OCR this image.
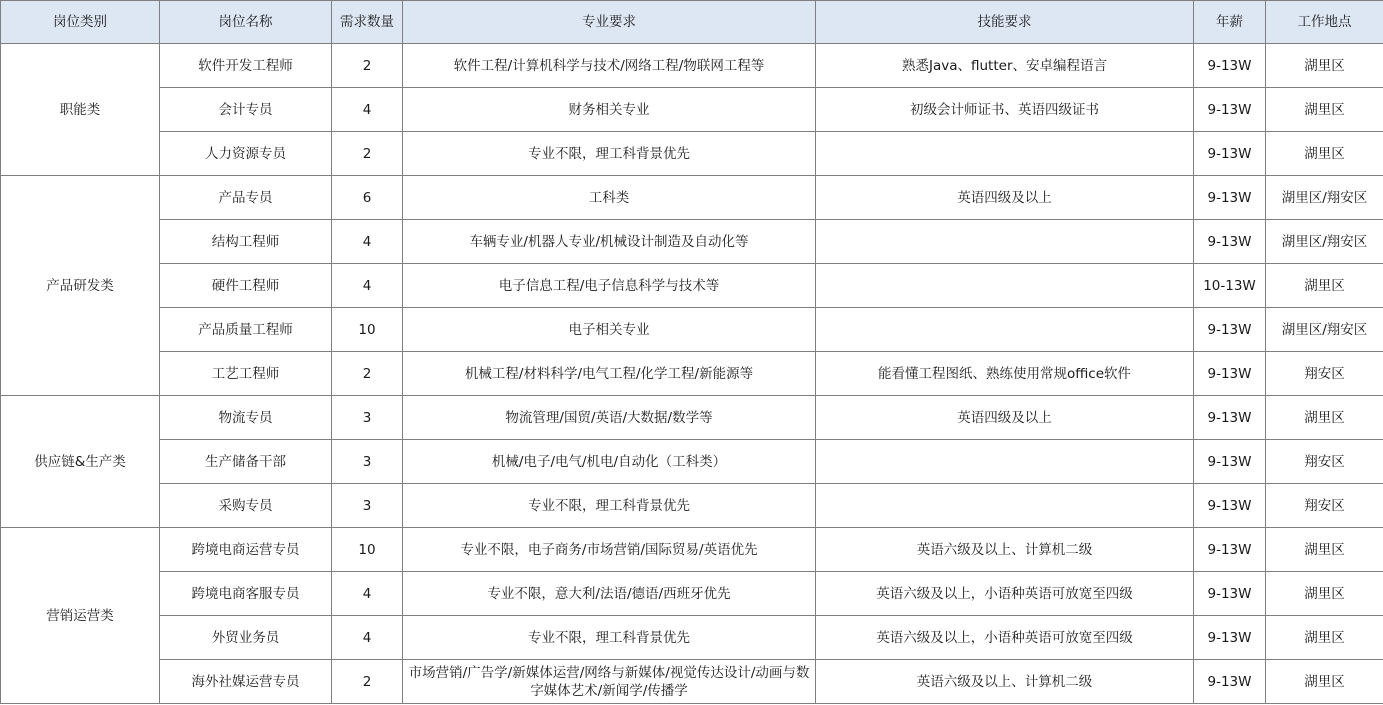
岗位类别	岗位名称	需求数量	专业要求	技能要求	年薪	工作地点
职能类	软件开发工程师	2	软件工程/计算机科学与技术/网络工程/物联网工程等	熟悉Java、flutter、安卓编程语言	9-13W	湖里区
	会计专员	4	财务相关专业	初级会计师证书、英语四级证书	9-13W	湖里区
	人力资源专员	2	专业不限，理工科背景优先		9-13W	湖里区
产品研发类	产品专员	6	工科类	英语四级及以上	9-13W	湖里区/翔安区
	结构工程师	4	车辆专业/机器人专业/机械设计制造及自动化等		9-13W	湖里区/翔安区
	硬件工程师	4	电子信息工程/电子信息科学与技术等		10-13W	湖里区
	产品质量工程师	10	电子相关专业		9-13W	湖里区/翔安区
	工艺工程师	2	机械工程/材料科学/电气工程/化学工程/新能源等	能看懂工程图纸、熟练使用常规office软件	9-13W	翔安区
供应链&生产类	物流专员	3	物流管理/国贸/英语/大数据/数学等	英语四级及以上	9-13W	湖里区
	生产储备干部	3	机械/电子/电气/机电/自动化（工科类）		9-13W	翔安区
	采购专员	3	专业不限，理工科背景优先		9-13W	翔安区
营销运营类	跨境电商运营专员	10	专业不限，电子商务/市场营销/国际贸易/英语优先	英语六级及以上、计算机二级	9-13W	湖里区
	跨境电商客服专员	4	专业不限，意大利/法语/德语/西班牙优先	英语六级及以上，小语种英语可放宽至四级	9-13W	湖里区
	外贸业务员	4	专业不限，理工科背景优先	英语六级及以上，小语种英语可放宽至四级	9-13W	湖里区
	海外社媒运营专员	2	市场营销/广告学/新媒体运营/网络与新媒体/视觉传达设计/动画与数字媒体艺术/新闻学/传播学	英语六级及以上、计算机二级	9-13W	湖里区
